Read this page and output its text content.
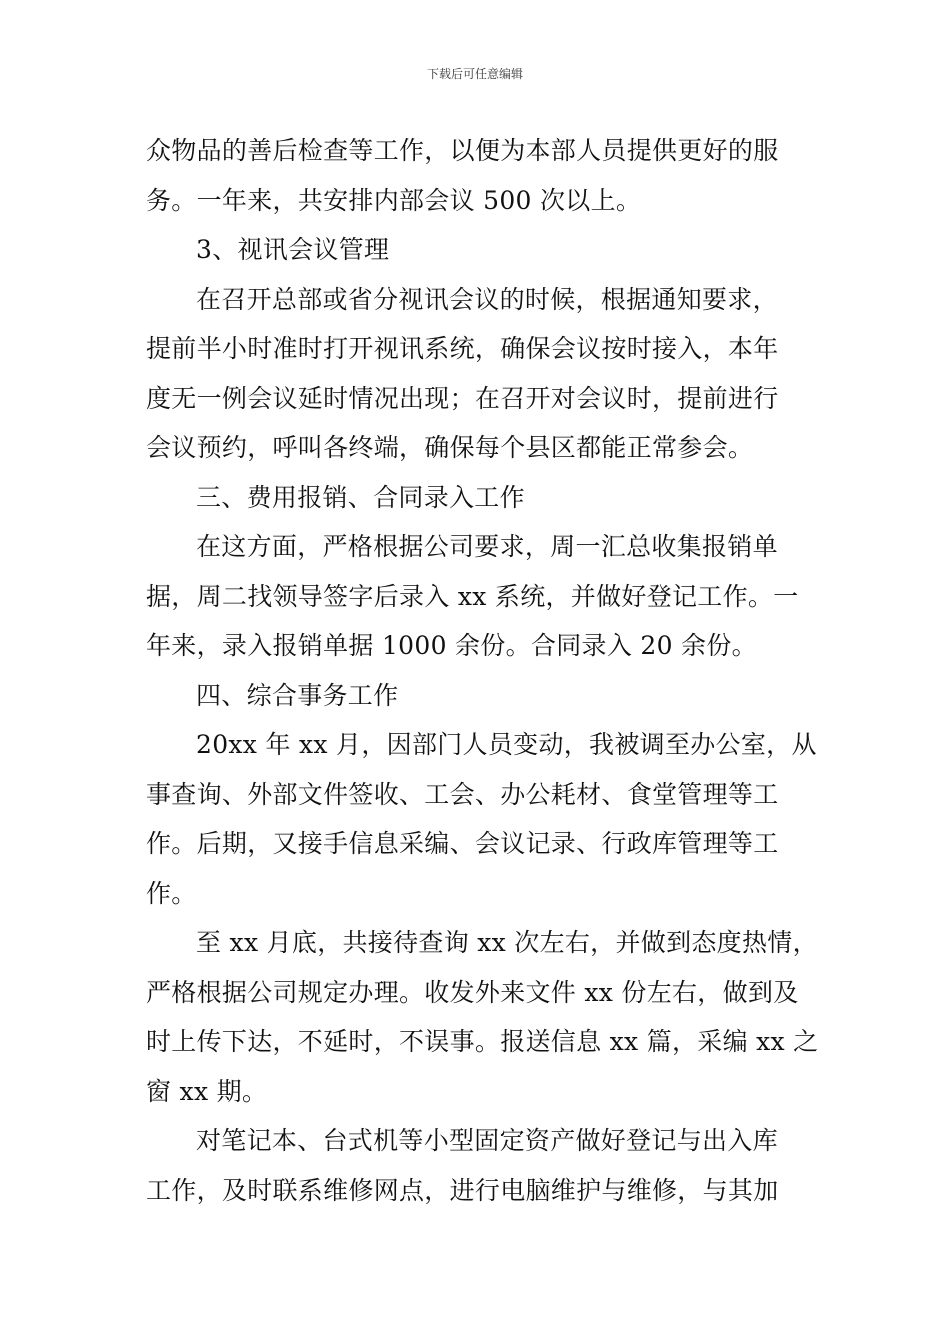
下载后可任意编辑
众物品的善后检查等工作，以便为本部人员提供更好的服
务。一年来，共安排内部会议 500 次以上。
3、视讯会议管理
在召开总部或省分视讯会议的时候，根据通知要求，
提前半小时准时打开视讯系统，确保会议按时接入，本年
度无一例会议延时情况出现；在召开对会议时，提前进行
会议预约，呼叫各终端，确保每个县区都能正常参会。
三、费用报销、合同录入工作
在这方面，严格根据公司要求，周一汇总收集报销单
据，周二找领导签字后录入 xx 系统，并做好登记工作。一
年来，录入报销单据 1000 余份。合同录入 20 余份。
四、综合事务工作
20xx 年 xx 月，因部门人员变动，我被调至办公室，从
事查询、外部文件签收、工会、办公耗材、食堂管理等工
作。后期，又接手信息采编、会议记录、行政库管理等工
作。
至 xx 月底，共接待查询 xx 次左右，并做到态度热情，
严格根据公司规定办理。收发外来文件 xx 份左右，做到及
时上传下达，不延时，不误事。报送信息 xx 篇，采编 xx 之
窗 xx 期。
对笔记本、台式机等小型固定资产做好登记与出入库
工作，及时联系维修网点，进行电脑维护与维修，与其加
